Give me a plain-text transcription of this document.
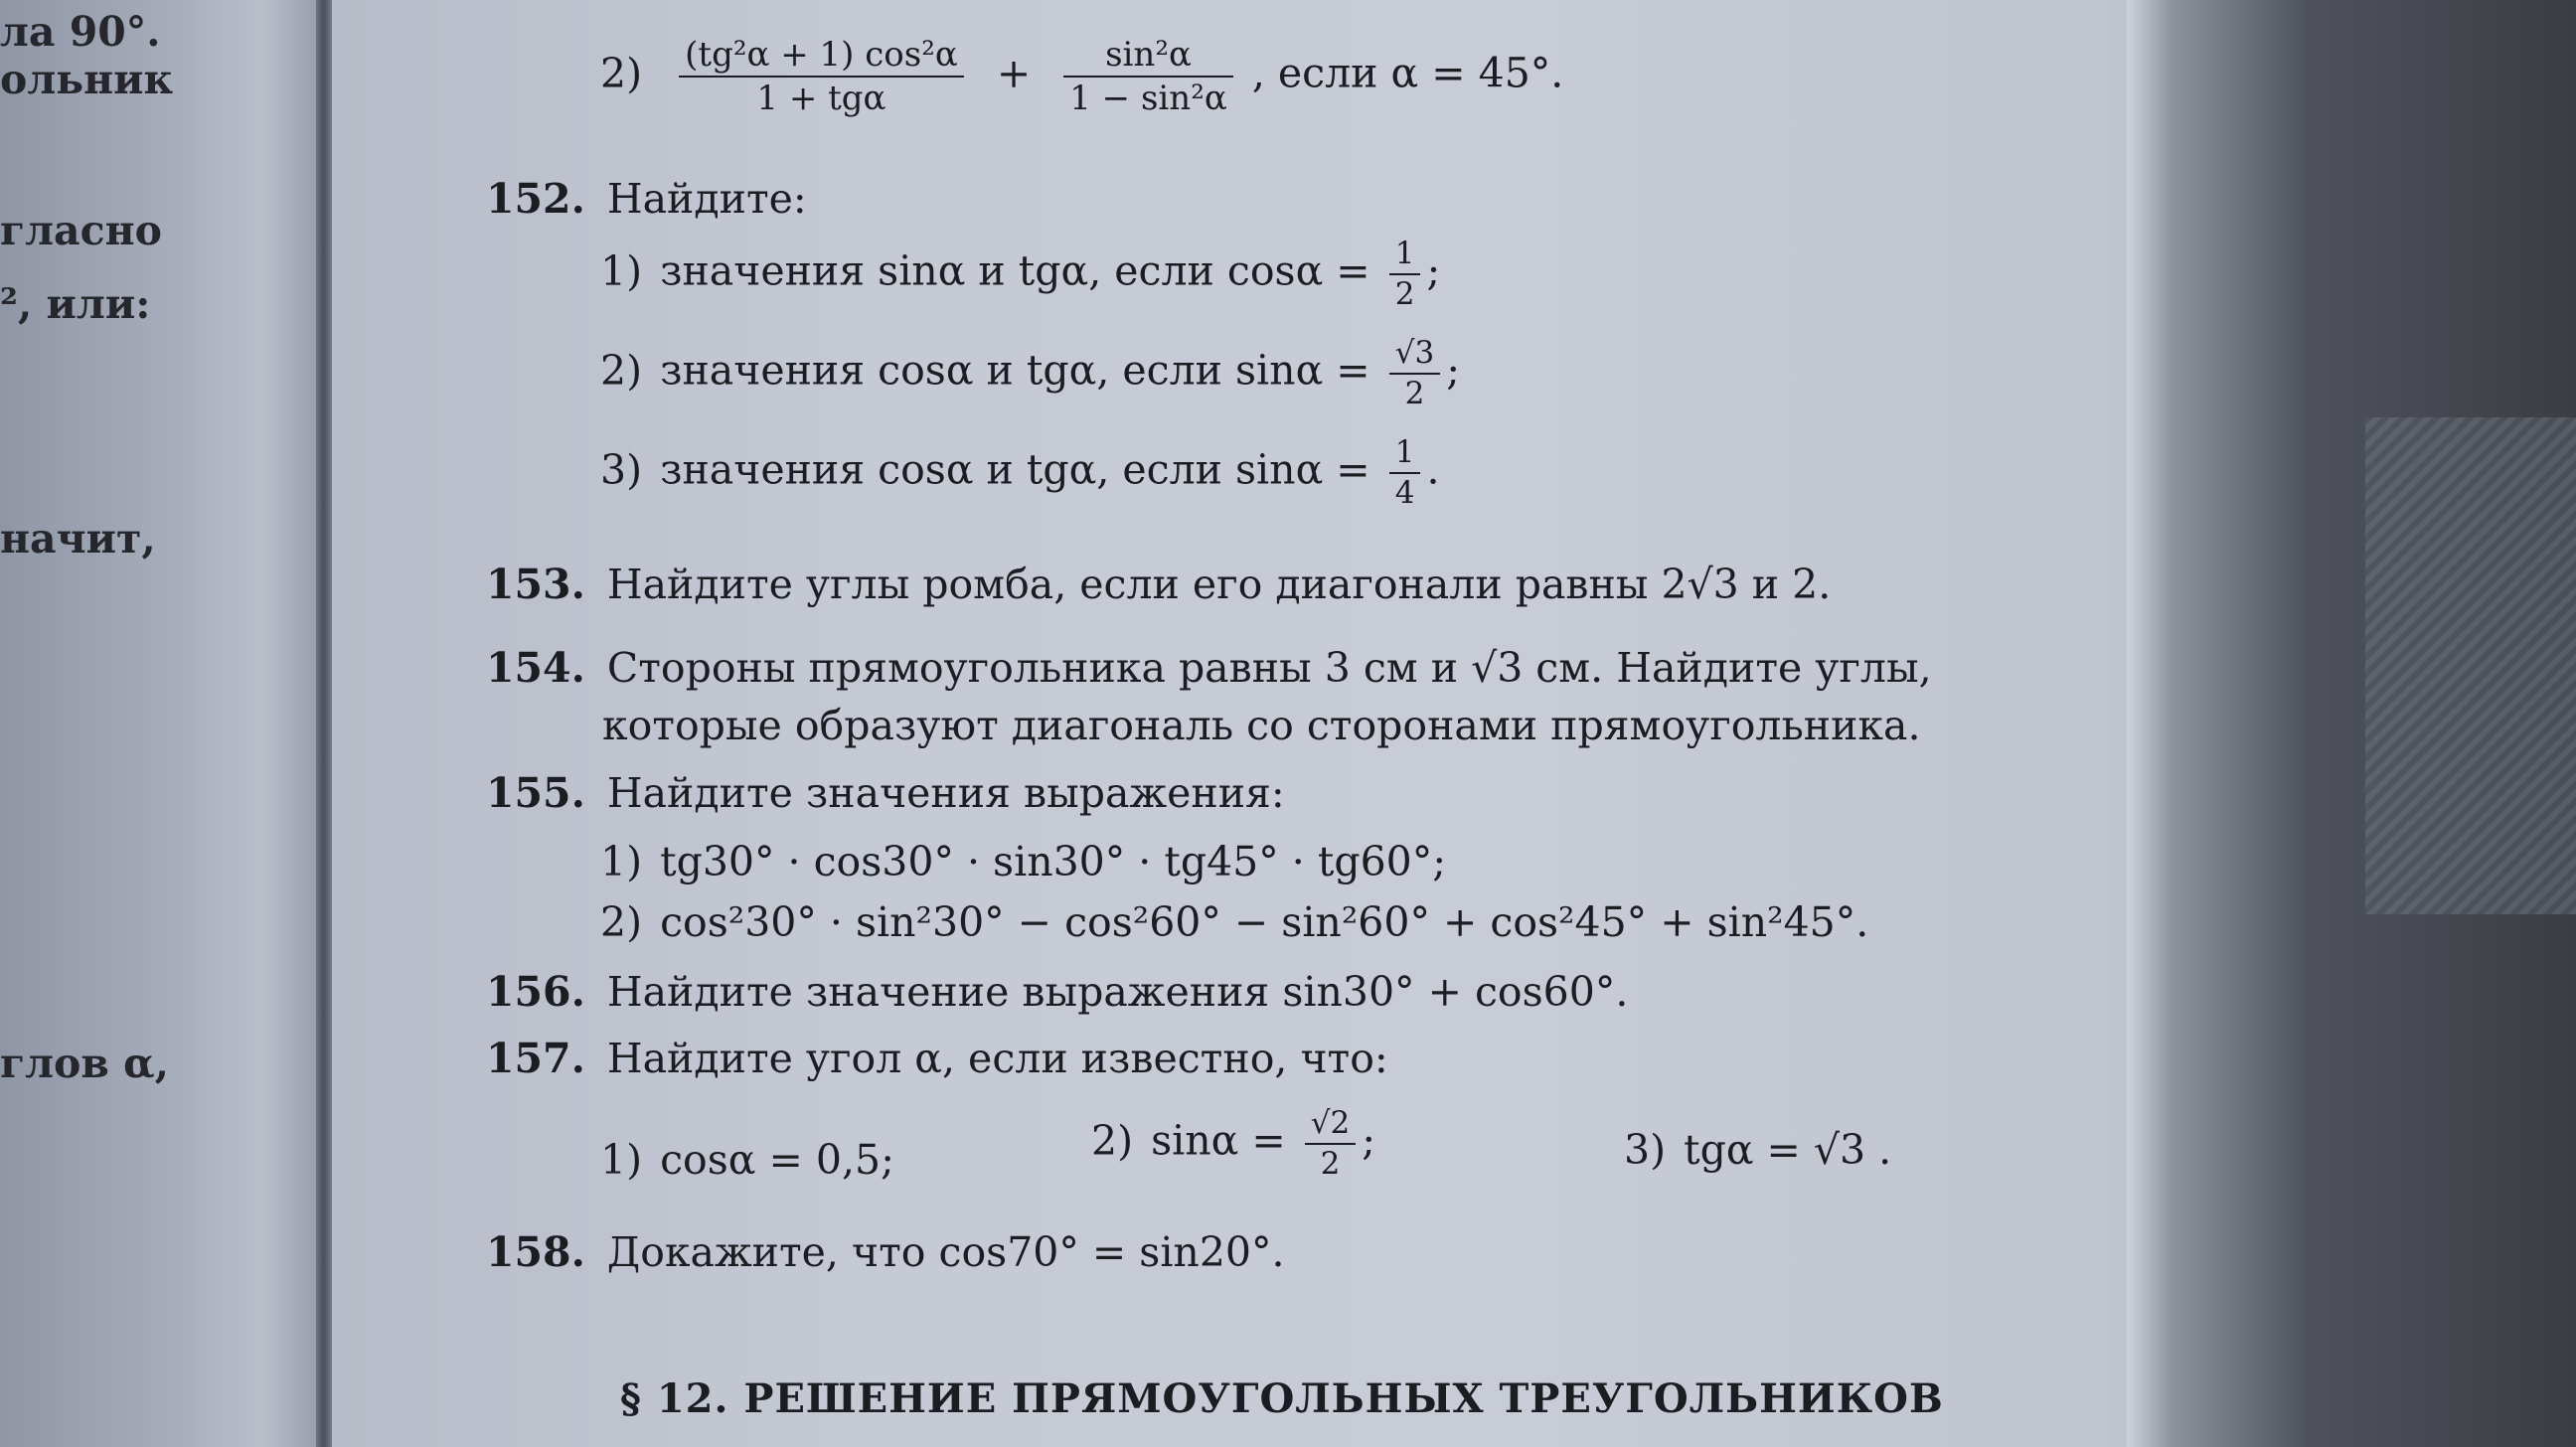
ла 90°.
ольник
гласно
², или:
начит,
глов α,
$2) \frac{\text{(tg²α + 1) cos²α}}{\text{1 + tgα}} + \frac{\text{sin²α}}{\text{1 − sin²α}}$ , если α = 45°.
152. Найдите:
1) значения sinα и tgα, если $\cos\alpha = \frac{1}{2}$ ;
2) значения cosα и tgα, если $\sin\alpha = \frac{√3}{2}$ ;
3) значения cosα и tgα, если $\sin\alpha = \frac{1}{4}$ .
153. Найдите углы ромба, если его диагонали равны 2√3 и 2.
154. Стороны прямоугольника равны 3 см и √3 см. Найдите углы,
которые образуют диагональ со сторонами прямоугольника.
155. Найдите значения выражения:
1) tg30° · cos30° · sin30° · tg45° · tg60°;
2) cos²30° · sin²30° − cos²60° − sin²60° + cos²45° + sin²45°.
156. Найдите значение выражения sin30° + cos60°.
157. Найдите угол α, если известно, что:
1) cosα = 0,5;	2) $\sin\alpha = \frac{√2}{2}$ ;	3) tgα = √3 .
158. Докажите, что cos70° = sin20°.
§ 12. РЕШЕНИЕ ПРЯМОУГОЛЬНЫХ ТРЕУГОЛЬНИКОВ
